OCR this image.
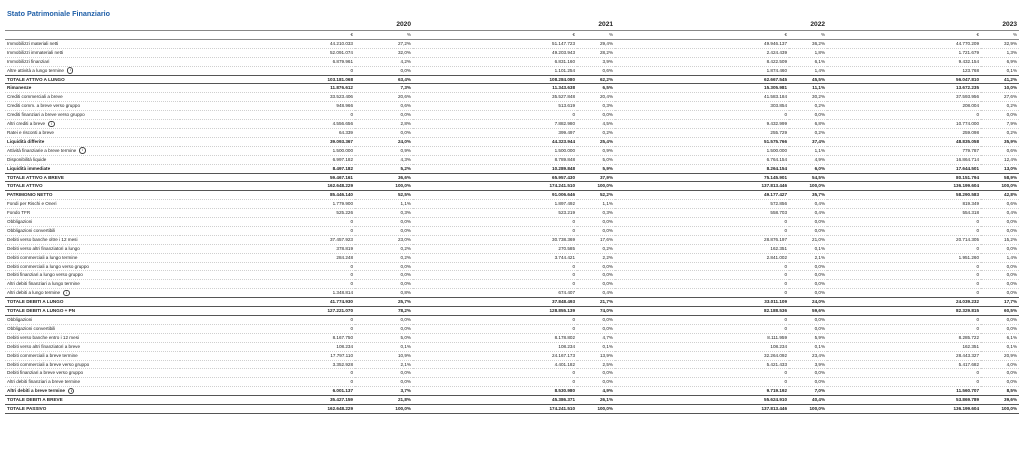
Stato Patrimoniale Finanziario
	2020		2021		2022		2023	
	€	%	€	%	€	%	€	%
Immobilizzi materiali netti	44.210.033	27,2%	51.147.723	29,4%	49.946.137	36,2%	44.770.209	32,9%
Immobilizzi immateriali netti	52.091.074	32,0%	49.203.943	28,2%	2.424.439	1,8%	1.721.679	1,3%
Immobilizzi finanziari	6.879.961	4,2%	6.831.160	3,9%	8.422.509	6,1%	9.432.154	6,9%
Altre attività a lungo termine i	0	0,0%	1.101.254	0,6%	1.874.460	1,4%	123.768	0,1%
TOTALE ATTIVO A LUNGO	103.181.068	63,4%	108.284.080	62,2%	62.667.545	45,5%	56.047.810	41,2%
Rimanenze	11.876.612	7,3%	11.343.638	6,5%	15.305.981	11,1%	13.672.235	10,0%
Crediti commerciali a breve	33.523.406	20,6%	35.527.848	20,4%	41.583.184	30,2%	37.593.956	27,6%
Crediti comm. a breve verso gruppo	948.966	0,6%	513.619	0,3%	303.854	0,2%	208.004	0,2%
Crediti finanziari a breve verso gruppo	0	0,0%	0	0,0%	0	0,0%	0	0,0%
Altri crediti a breve i	4.556.656	2,8%	7.882.980	4,5%	9.432.999	6,8%	10.774.000	7,9%
Ratei e risconti a breve	64.339	0,0%	399.497	0,2%	255.729	0,2%	259.098	0,2%
Liquidità differite	39.093.367	24,0%	44.323.944	25,4%	51.575.766	37,4%	48.835.058	35,9%
Attività finanziarie a breve termine i	1.500.000	0,9%	1.500.000	0,9%	1.500.000	1,1%	779.787	0,6%
Disponibilità liquide	6.997.182	4,3%	8.789.848	5,0%	6.764.154	4,9%	16.864.714	12,4%
Liquidità immediate	8.497.182	5,2%	10.289.848	5,9%	8.264.154	6,0%	17.644.501	13,0%
TOTALE ATTIVO A BREVE	59.467.161	36,6%	65.957.430	37,9%	75.145.901	54,5%	80.151.794	58,9%
TOTALE ATTIVO	162.648.229	100,0%	174.241.510	100,0%	137.813.446	100,0%	136.199.604	100,0%
PATRIMONIO NETTO	85.446.140	52,5%	91.006.646	52,2%	49.177.427	35,7%	58.290.583	42,8%
Fondi per Rischi e Oneri	1.779.900	1,1%	1.897.492	1,1%	572.856	0,4%	819.349	0,6%
Fondo TFR	525.226	0,3%	523.219	0,3%	558.703	0,4%	554.318	0,4%
Obbligazioni	0	0,0%	0	0,0%	0	0,0%	0	0,0%
Obbligazioni convertibili	0	0,0%	0	0,0%	0	0,0%	0	0,0%
Debiti verso banche oltre i 12 mesi	37.457.923	23,0%	30.738.369	17,6%	28.876.197	21,0%	20.714.305	15,2%
Debiti verso altri finanziatori a lungo	378.819	0,2%	270.585	0,2%	162.351	0,1%	0	0,0%
Debiti commerciali a lungo termine	284.248	0,2%	3.744.421	2,2%	2.841.002	2,1%	1.951.260	1,4%
Debiti commerciali a lungo verso gruppo	0	0,0%	0	0,0%	0	0,0%	0	0,0%
Debiti finanziari a lungo verso gruppo	0	0,0%	0	0,0%	0	0,0%	0	0,0%
Altri debiti finanziari a lungo termine	0	0,0%	0	0,0%	0	0,0%	0	0,0%
Altri debiti a lungo termine i	1.348.814	0,8%	674.407	0,4%	0	0,0%	0	0,0%
TOTALE DEBITI A LUNGO	41.774.930	25,7%	37.848.493	21,7%	33.011.109	24,0%	24.039.232	17,7%
TOTALE DEBITI A LUNGO + PN	127.221.070	78,2%	128.855.139	74,0%	82.188.536	59,6%	82.329.815	60,5%
Obbligazioni	0	0,0%	0	0,0%	0	0,0%	0	0,0%
Obbligazioni convertibili	0	0,0%	0	0,0%	0	0,0%	0	0,0%
Debiti verso banche entro i 12 mesi	8.167.750	5,0%	8.178.802	4,7%	8.111.959	5,9%	8.285.722	6,1%
Debiti verso altri finanziatori a breve	108.234	0,1%	108.234	0,1%	108.234	0,1%	162.351	0,1%
Debiti commerciali a breve termine	17.797.110	10,9%	24.167.173	13,9%	32.264.092	23,4%	28.443.327	20,9%
Debiti commerciali a breve verso gruppo	3.352.928	2,1%	4.401.182	2,5%	5.421.433	3,9%	5.417.682	4,0%
Debiti finanziari a breve verso gruppo	0	0,0%	0	0,0%	0	0,0%	0	0,0%
Altri debiti finanziari a breve termine	0	0,0%	0	0,0%	0	0,0%	0	0,0%
Altri debiti a breve termine i	6.001.137	3,7%	8.530.980	4,9%	9.719.192	7,0%	11.560.707	8,5%
TOTALE DEBITI A BREVE	35.427.159	21,8%	45.386.371	26,1%	55.624.910	40,4%	53.869.789	39,6%
TOTALE PASSIVO	162.648.229	100,0%	174.241.510	100,0%	137.813.446	100,0%	136.199.604	100,0%
